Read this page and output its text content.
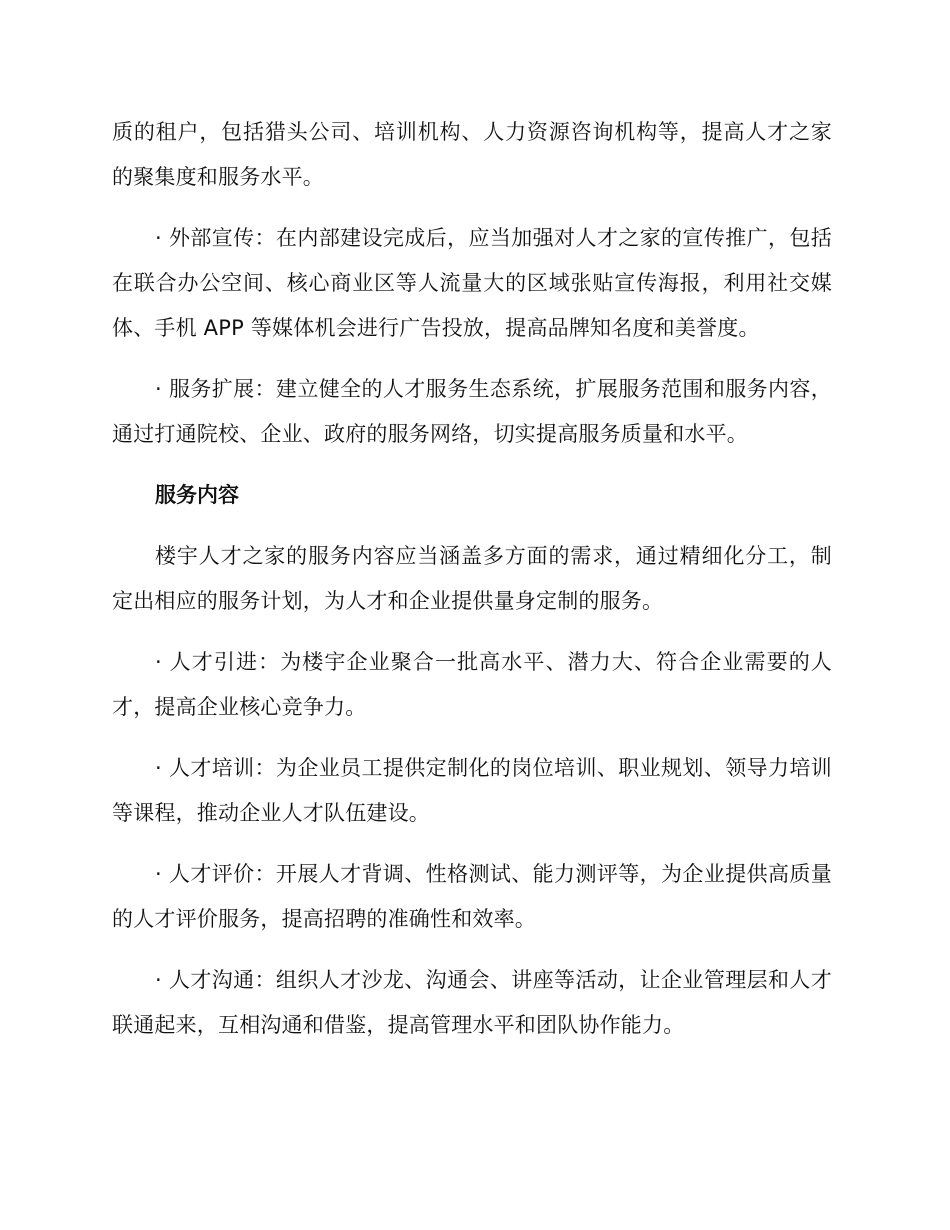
质的租户，包括猎头公司、培训机构、人力资源咨询机构等，提高人才之家的聚集度和服务水平。

· 外部宣传：在内部建设完成后，应当加强对人才之家的宣传推广，包括在联合办公空间、核心商业区等人流量大的区域张贴宣传海报，利用社交媒体、手机 APP 等媒体机会进行广告投放，提高品牌知名度和美誉度。

· 服务扩展：建立健全的人才服务生态系统，扩展服务范围和服务内容，通过打通院校、企业、政府的服务网络，切实提高服务质量和水平。

服务内容

楼宇人才之家的服务内容应当涵盖多方面的需求，通过精细化分工，制定出相应的服务计划，为人才和企业提供量身定制的服务。

· 人才引进：为楼宇企业聚合一批高水平、潜力大、符合企业需要的人才，提高企业核心竞争力。

· 人才培训：为企业员工提供定制化的岗位培训、职业规划、领导力培训等课程，推动企业人才队伍建设。

· 人才评价：开展人才背调、性格测试、能力测评等，为企业提供高质量的人才评价服务，提高招聘的准确性和效率。

· 人才沟通：组织人才沙龙、沟通会、讲座等活动，让企业管理层和人才联通起来，互相沟通和借鉴，提高管理水平和团队协作能力。
